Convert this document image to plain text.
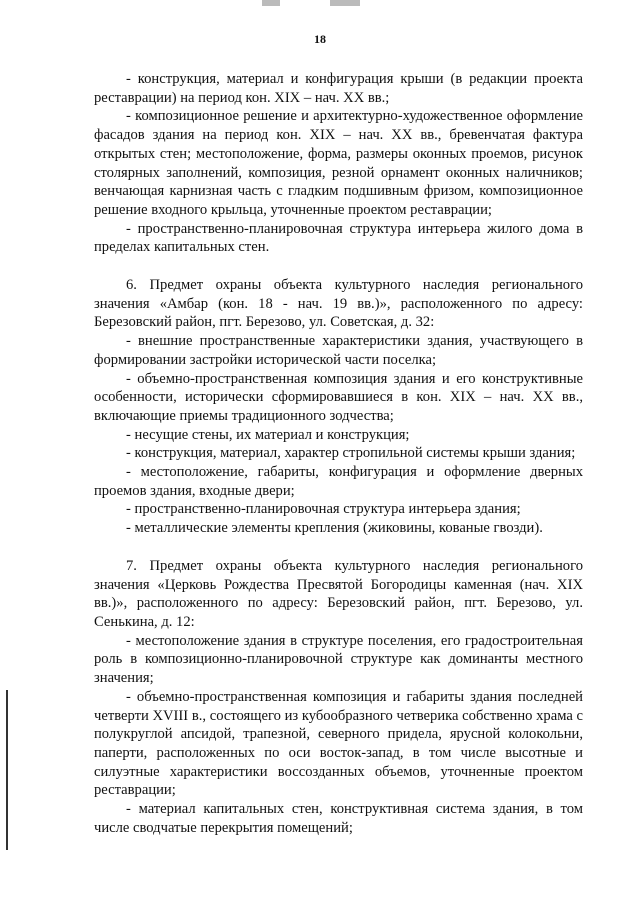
18

- конструкция, материал и конфигурация крыши (в редакции проекта реставрации) на период кон. XIX – нач. XX вв.;

- композиционное решение и архитектурно-художественное оформление фасадов здания на период кон. XIX – нач. XX вв., бревенчатая фактура открытых стен; местоположение, форма, размеры оконных проемов, рисунок столярных заполнений, композиция, резной орнамент оконных наличников; венчающая карнизная часть с гладким подшивным фризом, композиционное решение входного крыльца, уточненные проектом реставрации;

- пространственно-планировочная структура интерьера жилого дома в пределах капитальных стен.

6. Предмет охраны объекта культурного наследия регионального значения «Амбар (кон. 18 - нач. 19 вв.)», расположенного по адресу: Березовский район, пгт. Березово, ул. Советская, д. 32:

- внешние пространственные характеристики здания, участвующего в формировании застройки исторической части поселка;

- объемно-пространственная композиция здания и его конструктивные особенности, исторически сформировавшиеся в кон. XIX – нач. XX вв., включающие приемы традиционного зодчества;

- несущие стены, их материал и конструкция;

- конструкция, материал, характер стропильной системы крыши здания;

- местоположение, габариты, конфигурация и оформление дверных проемов здания, входные двери;

- пространственно-планировочная структура интерьера здания;

- металлические элементы крепления (жиковины, кованые гвозди).

7. Предмет охраны объекта культурного наследия регионального значения «Церковь Рождества Пресвятой Богородицы каменная (нач. XIX вв.)», расположенного по адресу: Березовский район, пгт. Березово, ул. Сенькина, д. 12:

- местоположение здания в структуре поселения, его градостроительная роль в композиционно-планировочной структуре как доминанты местного значения;

- объемно-пространственная композиция и габариты здания последней четверти XVIII в., состоящего из кубообразного четверика собственно храма с полукруглой апсидой, трапезной, северного придела, ярусной колокольни, паперти, расположенных по оси восток-запад, в том числе высотные и силуэтные характеристики воссозданных объемов, уточненные проектом реставрации;

- материал капитальных стен, конструктивная система здания, в том числе сводчатые перекрытия помещений;
